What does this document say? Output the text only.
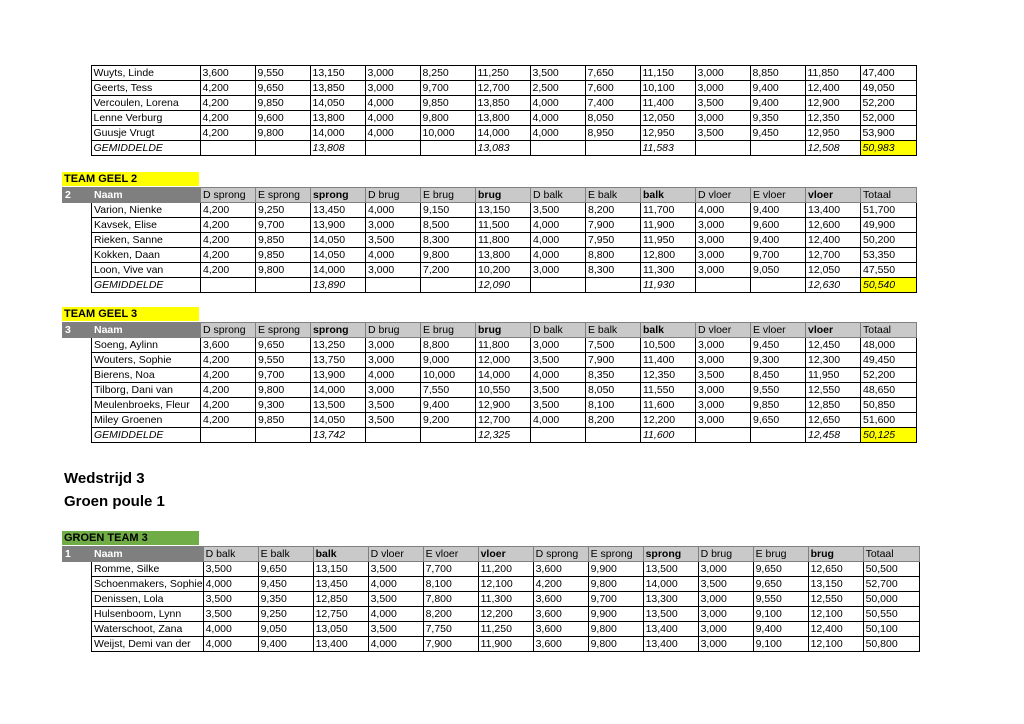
	Wuyts, Linde	3,600	9,550	13,150	3,000	8,250	11,250	3,500	7,650	11,150	3,000	8,850	11,850	47,400
	Geerts, Tess	4,200	9,650	13,850	3,000	9,700	12,700	2,500	7,600	10,100	3,000	9,400	12,400	49,050
	Vercoulen, Lorena	4,200	9,850	14,050	4,000	9,850	13,850	4,000	7,400	11,400	3,500	9,400	12,900	52,200
	Lenne Verburg	4,200	9,600	13,800	4,000	9,800	13,800	4,000	8,050	12,050	3,000	9,350	12,350	52,000
	Guusje Vrugt	4,200	9,800	14,000	4,000	10,000	14,000	4,000	8,950	12,950	3,500	9,450	12,950	53,900
	GEMIDDELDE			13,808			13,083			11,583			12,508	50,983
TEAM GEEL 2
2	Naam	D sprong	E sprong	sprong	D brug	E brug	brug	D balk	E balk	balk	D vloer	E vloer	vloer	Totaal
	Varion, Nienke	4,200	9,250	13,450	4,000	9,150	13,150	3,500	8,200	11,700	4,000	9,400	13,400	51,700
	Kavsek, Elise	4,200	9,700	13,900	3,000	8,500	11,500	4,000	7,900	11,900	3,000	9,600	12,600	49,900
	Rieken, Sanne	4,200	9,850	14,050	3,500	8,300	11,800	4,000	7,950	11,950	3,000	9,400	12,400	50,200
	Kokken, Daan	4,200	9,850	14,050	4,000	9,800	13,800	4,000	8,800	12,800	3,000	9,700	12,700	53,350
	Loon, Vive van	4,200	9,800	14,000	3,000	7,200	10,200	3,000	8,300	11,300	3,000	9,050	12,050	47,550
	GEMIDDELDE			13,890			12,090			11,930			12,630	50,540
TEAM GEEL 3
3	Naam	D sprong	E sprong	sprong	D brug	E brug	brug	D balk	E balk	balk	D vloer	E vloer	vloer	Totaal
	Soeng, Aylinn	3,600	9,650	13,250	3,000	8,800	11,800	3,000	7,500	10,500	3,000	9,450	12,450	48,000
	Wouters, Sophie	4,200	9,550	13,750	3,000	9,000	12,000	3,500	7,900	11,400	3,000	9,300	12,300	49,450
	Bierens, Noa	4,200	9,700	13,900	4,000	10,000	14,000	4,000	8,350	12,350	3,500	8,450	11,950	52,200
	Tilborg, Dani van	4,200	9,800	14,000	3,000	7,550	10,550	3,500	8,050	11,550	3,000	9,550	12,550	48,650
	Meulenbroeks, Fleur	4,200	9,300	13,500	3,500	9,400	12,900	3,500	8,100	11,600	3,000	9,850	12,850	50,850
	Miley Groenen	4,200	9,850	14,050	3,500	9,200	12,700	4,000	8,200	12,200	3,000	9,650	12,650	51,600
	GEMIDDELDE			13,742			12,325			11,600			12,458	50,125
Wedstrijd 3
Groen poule 1
GROEN TEAM 3
1	Naam	D balk	E balk	balk	D vloer	E vloer	vloer	D sprong	E sprong	sprong	D brug	E brug	brug	Totaal
	Romme, Silke	3,500	9,650	13,150	3,500	7,700	11,200	3,600	9,900	13,500	3,000	9,650	12,650	50,500
	Schoenmakers, Sophie	4,000	9,450	13,450	4,000	8,100	12,100	4,200	9,800	14,000	3,500	9,650	13,150	52,700
	Denissen, Lola	3,500	9,350	12,850	3,500	7,800	11,300	3,600	9,700	13,300	3,000	9,550	12,550	50,000
	Hulsenboom, Lynn	3,500	9,250	12,750	4,000	8,200	12,200	3,600	9,900	13,500	3,000	9,100	12,100	50,550
	Waterschoot, Zana	4,000	9,050	13,050	3,500	7,750	11,250	3,600	9,800	13,400	3,000	9,400	12,400	50,100
	Weijst, Demi van der	4,000	9,400	13,400	4,000	7,900	11,900	3,600	9,800	13,400	3,000	9,100	12,100	50,800
